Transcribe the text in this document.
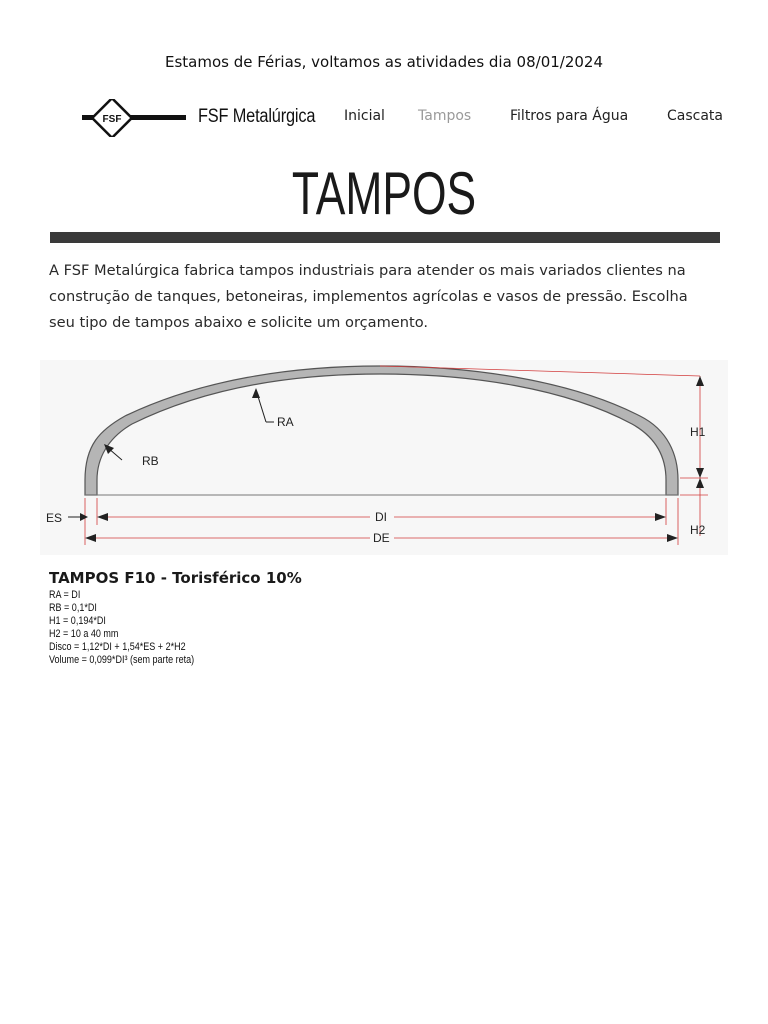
Estamos de Férias, voltamos as atividades dia 08/01/2024
FSF	FSF Metalúrgica Inicial Tampos	Filtros para Água	Cascata
TAMPOS

A FSF Metalúrgica fabrica tampos industriais para atender os mais variados clientes na
construção de tanques, betoneiras, implementos agrícolas e vasos de pressão. Escolha
seu tipo de tampos abaixo e solicite um orçamento.

H1
H2
RA
RB
ES	DI
DE
TAMPOS F10 - Torisférico 10%
RA = DI
RB = 0,1*DI
H1 = 0,194*DI
H2 = 10 a 40 mm
Disco = 1,12*DI + 1,54*ES + 2*H2
Volume = 0,099*DI³ (sem parte reta)
